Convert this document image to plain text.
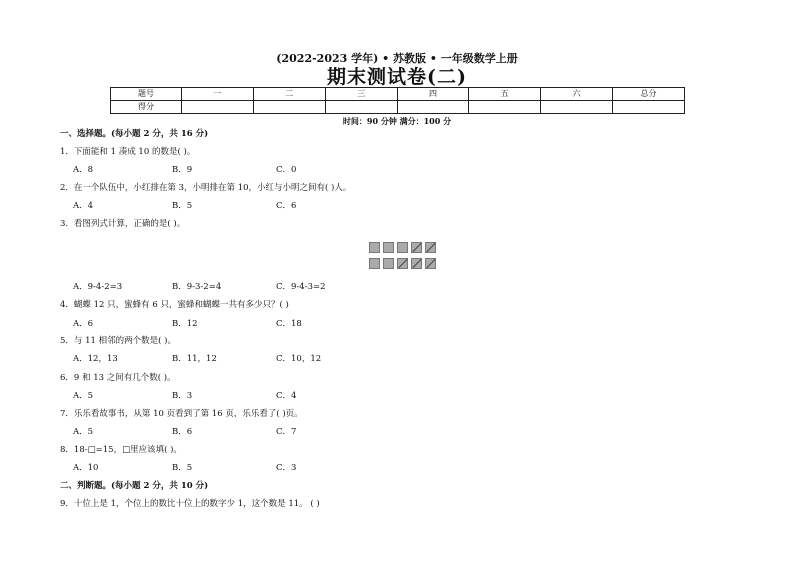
(2022-2023 学年) • 苏教版 • 一年级数学上册
期末测试卷(二)
题号	一	二	三	四	五	六	总分
得分							
时间：90 分钟 满分：100 分
一、选择题。(每小题 2 分，共 16 分)
1．下面能和 1 凑成 10 的数是( )。
A．8	B．9	C．0
2．在一个队伍中，小红排在第 3，小明排在第 10，小红与小明之间有( )人。
A．4	B．5	C．6
3．看图列式计算，正确的是( )。
A．9-4-2=3	B．9-3-2=4	C．9-4-3=2
4．蝴蝶 12 只，蜜蜂有 6 只，蜜蜂和蝴蝶一共有多少只？( )
A．6	B．12	C．18
5．与 11 相邻的两个数是( )。
A．12，13	B．11，12	C．10，12
6．9 和 13 之间有几个数( )。
A．5	B．3	C．4
7．乐乐看故事书，从第 10 页看到了第 16 页，乐乐看了( )页。
A．5	B．6	C．7
8．18-□=15，□里应该填( )。
A．10	B．5	C．3
二、判断题。(每小题 2 分，共 10 分)
9．十位上是 1，个位上的数比十位上的数字少 1，这个数是 11。 ( )
